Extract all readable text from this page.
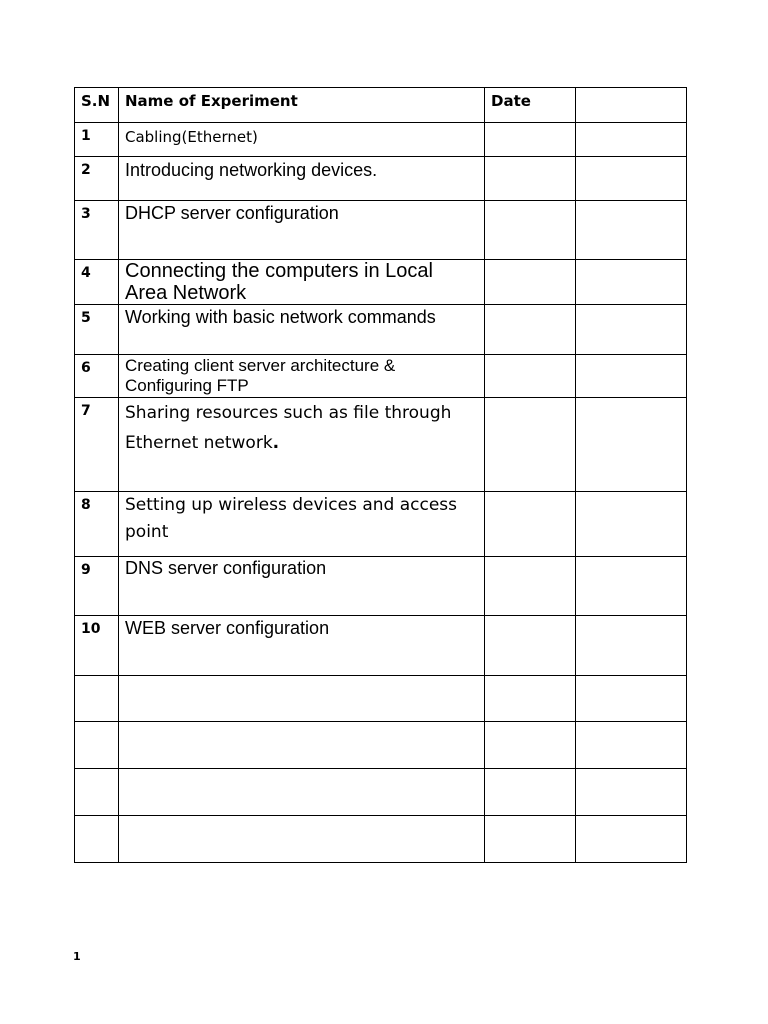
S.N	Name of Experiment	Date	
1	Cabling(Ethernet)		
2	Introducing networking devices.		
3	DHCP server configuration		
4	Connecting the computers in Local Area Network		
5	Working with basic network commands		
6	Creating client server architecture & Configuring FTP		
7	Sharing resources such as file through
Ethernet network.		
8	Setting up wireless devices and access
point		
9	DNS server configuration		
10	WEB server configuration		

1
